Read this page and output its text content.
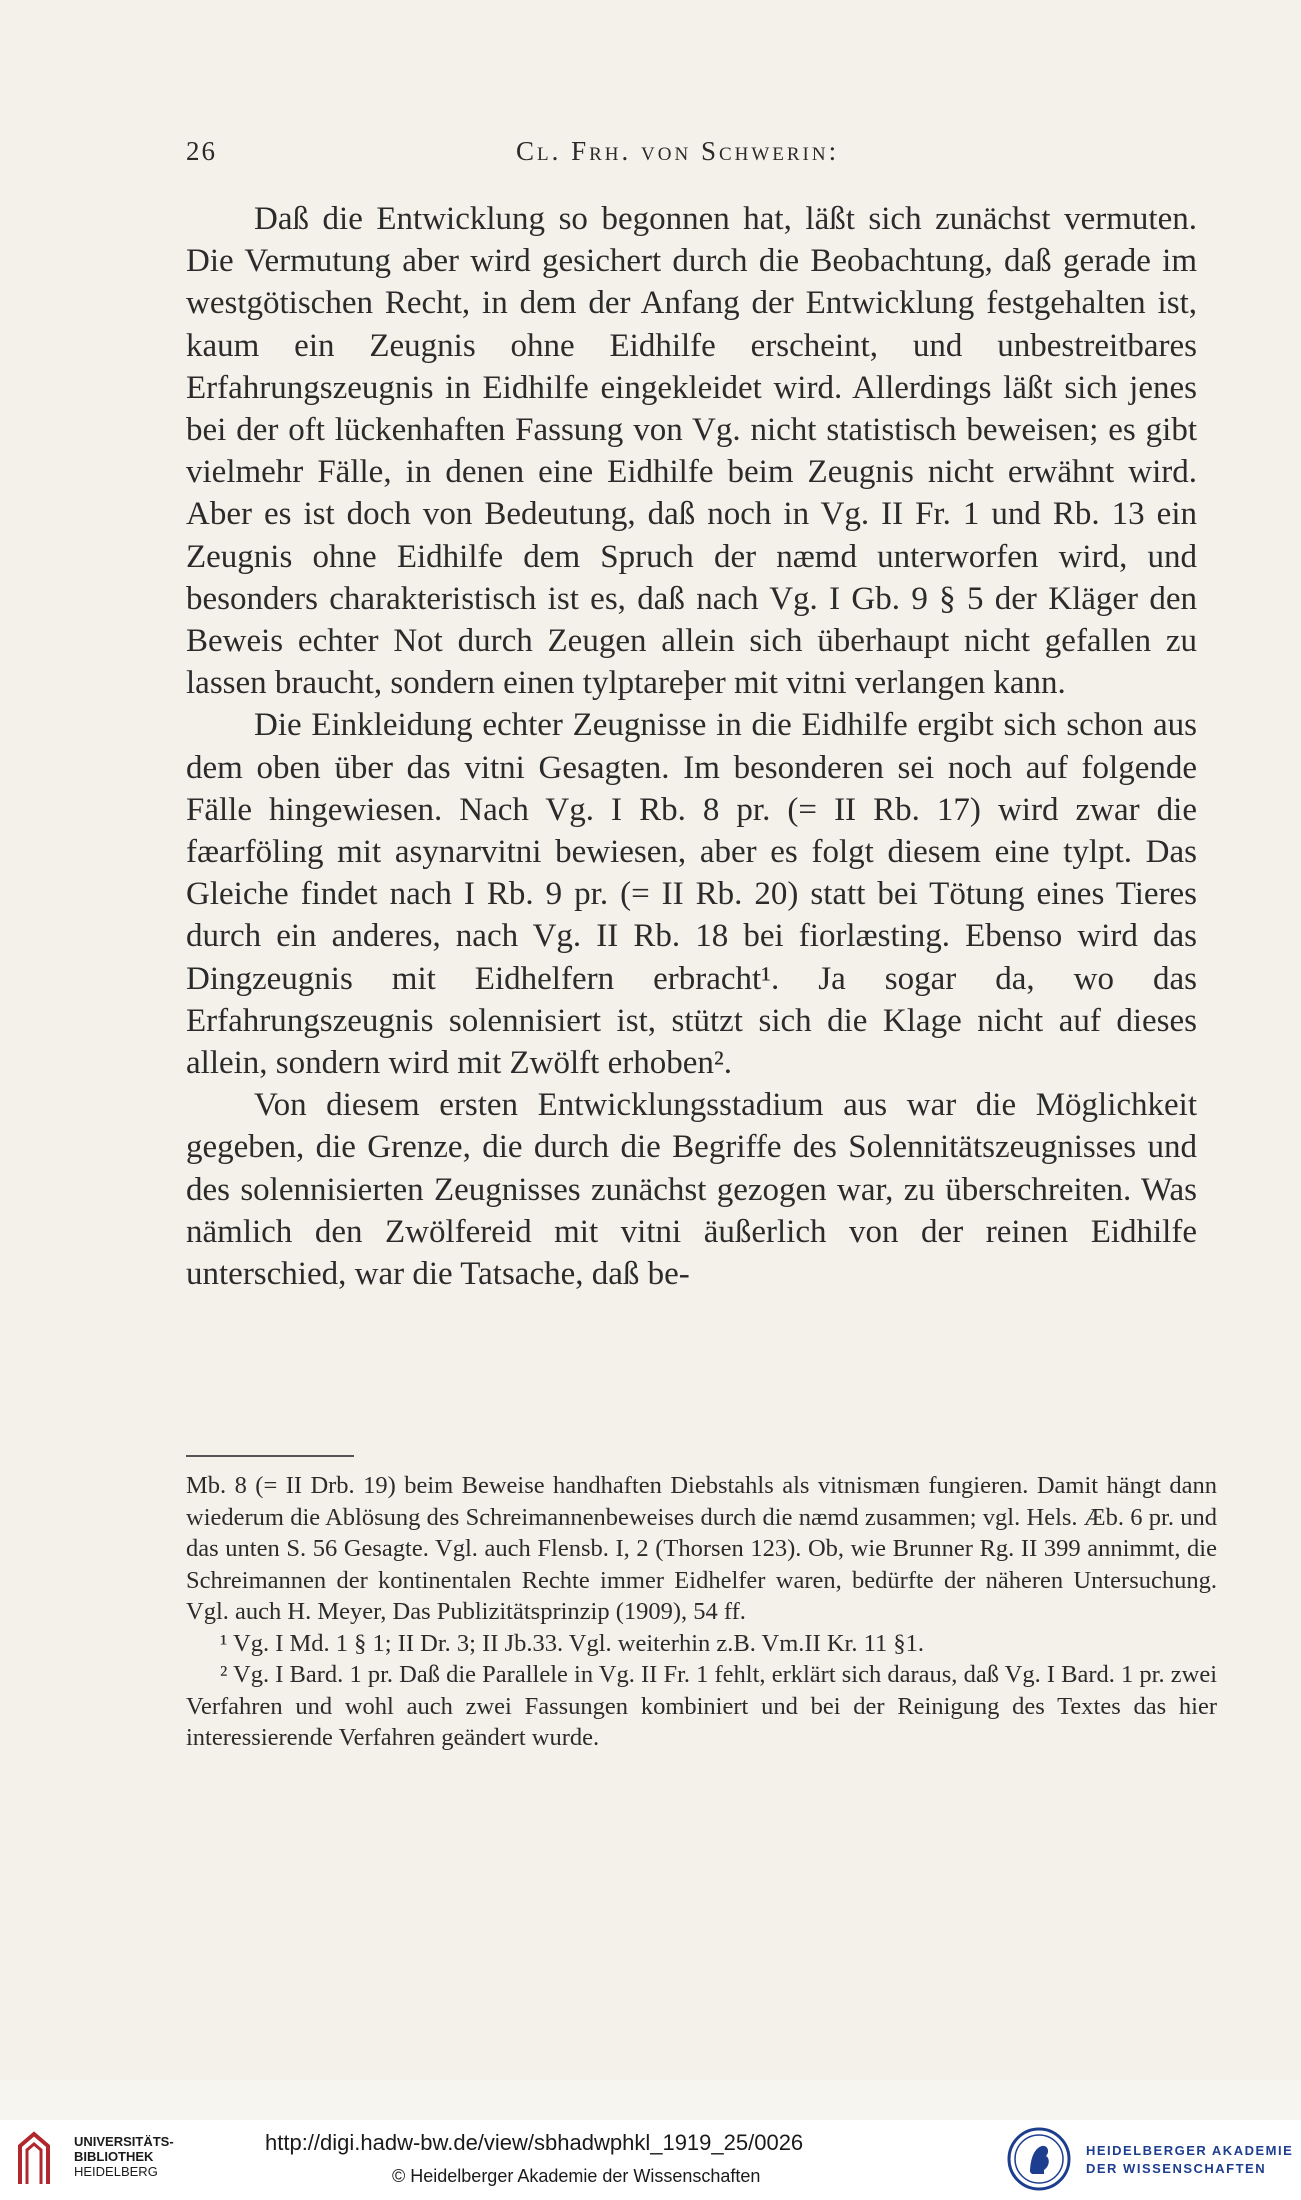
26	Cl. Frh. von Schwerin:

Daß die Entwicklung so begonnen hat, läßt sich zunächst vermuten. Die Vermutung aber wird gesichert durch die Beobachtung, daß gerade im westgötischen Recht, in dem der Anfang der Entwicklung festgehalten ist, kaum ein Zeugnis ohne Eidhilfe erscheint, und unbestreitbares Erfahrungszeugnis in Eidhilfe eingekleidet wird. Allerdings läßt sich jenes bei der oft lückenhaften Fassung von Vg. nicht statistisch beweisen; es gibt vielmehr Fälle, in denen eine Eidhilfe beim Zeugnis nicht erwähnt wird. Aber es ist doch von Bedeutung, daß noch in Vg. II Fr. 1 und Rb. 13 ein Zeugnis ohne Eidhilfe dem Spruch der næmd unterworfen wird, und besonders charakteristisch ist es, daß nach Vg. I Gb. 9 § 5 der Kläger den Beweis echter Not durch Zeugen allein sich überhaupt nicht gefallen zu lassen braucht, sondern einen tylptareþer mit vitni verlangen kann.

Die Einkleidung echter Zeugnisse in die Eidhilfe ergibt sich schon aus dem oben über das vitni Gesagten. Im besonderen sei noch auf folgende Fälle hingewiesen. Nach Vg. I Rb. 8 pr. (= II Rb. 17) wird zwar die fæarföling mit asynarvitni bewiesen, aber es folgt diesem eine tylpt. Das Gleiche findet nach I Rb. 9 pr. (= II Rb. 20) statt bei Tötung eines Tieres durch ein anderes, nach Vg. II Rb. 18 bei fiorlæsting. Ebenso wird das Dingzeugnis mit Eidhelfern erbracht¹. Ja sogar da, wo das Erfahrungszeugnis solennisiert ist, stützt sich die Klage nicht auf dieses allein, sondern wird mit Zwölft erhoben².

Von diesem ersten Entwicklungsstadium aus war die Möglichkeit gegeben, die Grenze, die durch die Begriffe des Solennitätszeugnisses und des solennisierten Zeugnisses zunächst gezogen war, zu überschreiten. Was nämlich den Zwölfereid mit vitni äußerlich von der reinen Eidhilfe unterschied, war die Tatsache, daß be-

Mb. 8 (= II Drb. 19) beim Beweise handhaften Diebstahls als vitnismæn fungieren. Damit hängt dann wiederum die Ablösung des Schreimannenbeweises durch die næmd zusammen; vgl. Hels. Æb. 6 pr. und das unten S. 56 Gesagte. Vgl. auch Flensb. I, 2 (Thorsen 123). Ob, wie Brunner Rg. II 399 annimmt, die Schreimannen der kontinentalen Rechte immer Eidhelfer waren, bedürfte der näheren Untersuchung. Vgl. auch H. Meyer, Das Publizitätsprinzip (1909), 54 ff.

¹ Vg. I Md. 1 § 1; II Dr. 3; II Jb.33. Vgl. weiterhin z.B. Vm.II Kr. 11 §1.

² Vg. I Bard. 1 pr. Daß die Parallele in Vg. II Fr. 1 fehlt, erklärt sich daraus, daß Vg. I Bard. 1 pr. zwei Verfahren und wohl auch zwei Fassungen kombiniert und bei der Reinigung des Textes das hier interessierende Verfahren geändert wurde.

UNIVERSITÄTS-
BIBLIOTHEK
HEIDELBERG
http://digi.hadw-bw.de/view/sbhadwphkl_1919_25/0026
© Heidelberger Akademie der Wissenschaften
HEIDELBERGER AKADEMIE
DER WISSENSCHAFTEN
